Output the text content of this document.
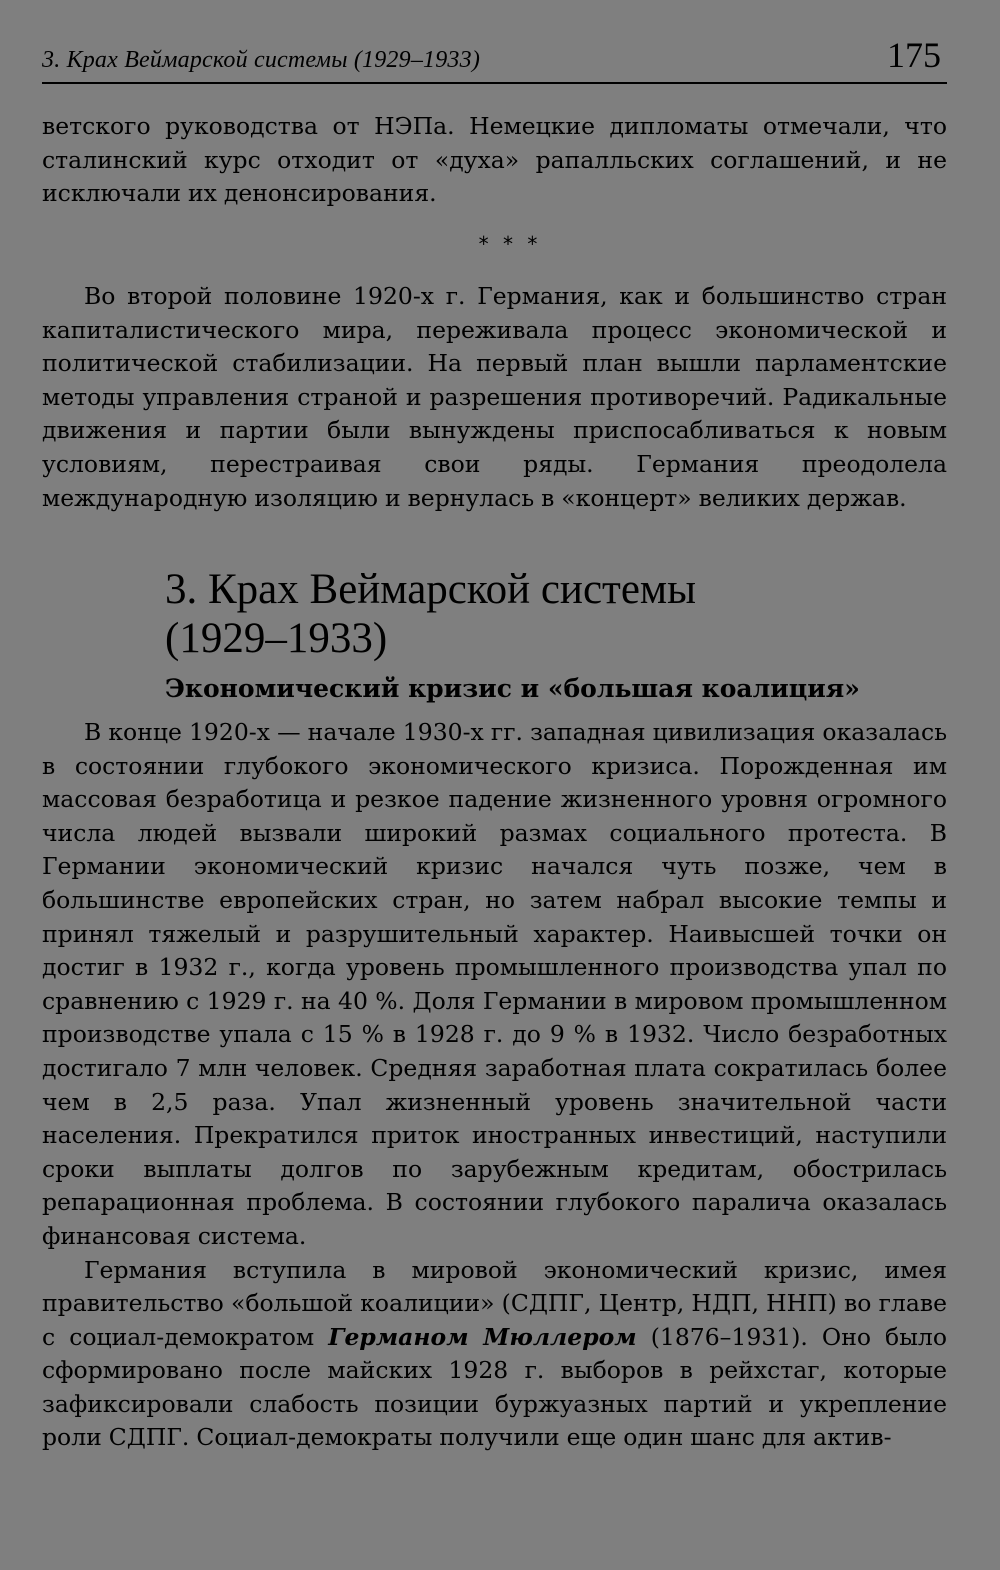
3. Крах Веймарской системы (1929–1933)	175

ветского руководства от НЭПа. Немецкие дипломаты отмечали, что сталинский курс отходит от «духа» рапалльских соглашений, и не исключали их денонсирования.

* * *

Во второй половине 1920-х г. Германия, как и большинство стран капиталистического мира, переживала процесс экономической и политической стабилизации. На первый план вышли парламентские методы управления страной и разрешения противоречий. Радикальные движения и партии были вынуждены приспосабливаться к новым условиям, перестраивая свои ряды. Германия преодолела международную изоляцию и вернулась в «концерт» великих держав.

3. Крах Веймарской системы
(1929–1933)
Экономический кризис и «большая коалиция»

В конце 1920-х — начале 1930-х гг. западная цивилизация оказалась в состоянии глубокого экономического кризиса. Порожденная им массовая безработица и резкое падение жизненного уровня огромного числа людей вызвали широкий размах социального протеста. В Германии экономический кризис начался чуть позже, чем в большинстве европейских стран, но затем набрал высокие темпы и принял тяжелый и разрушительный характер. Наивысшей точки он достиг в 1932 г., когда уровень промышленного производства упал по сравнению с 1929 г. на 40 %. Доля Германии в мировом промышленном производстве упала с 15 % в 1928 г. до 9 % в 1932. Число безработных достигало 7 млн человек. Средняя заработная плата сократилась более чем в 2,5 раза. Упал жизненный уровень значительной части населения. Прекратился приток иностранных инвестиций, наступили сроки выплаты долгов по зарубежным кредитам, обострилась репарационная проблема. В состоянии глубокого паралича оказалась финансовая система.

Германия вступила в мировой экономический кризис, имея правительство «большой коалиции» (СДПГ, Центр, НДП, ННП) во главе с социал-демократом Германом Мюллером (1876–1931). Оно было сформировано после майских 1928 г. выборов в рейхстаг, которые зафиксировали слабость позиции буржуазных партий и укрепление роли СДПГ. Социал-демократы получили еще один шанс для актив-
